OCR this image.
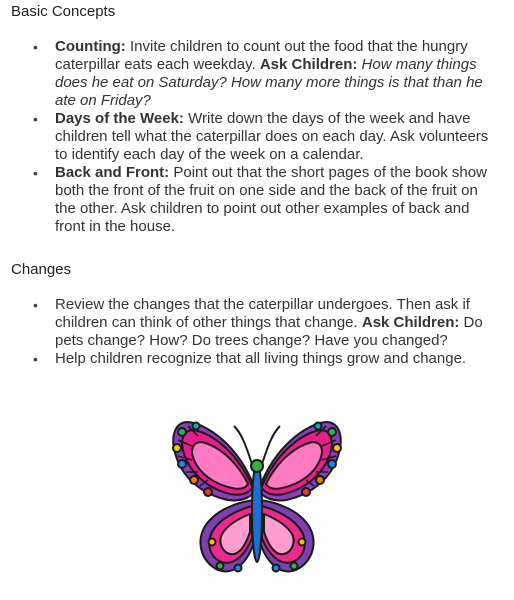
Basic Concepts
• Counting: Invite children to count out the food that the hungry caterpillar eats each weekday. Ask Children: How many things does he eat on Saturday? How many more things is that than he ate on Friday?
• Days of the Week: Write down the days of the week and have children tell what the caterpillar does on each day. Ask volunteers to identify each day of the week on a calendar.
• Back and Front: Point out that the short pages of the book show both the front of the fruit on one side and the back of the fruit on the other. Ask children to point out other examples of back and front in the house.
Changes
• Review the changes that the caterpillar undergoes. Then ask if children can think of other things that change. Ask Children: Do pets change? How? Do trees change? Have you changed?
• Help children recognize that all living things grow and change.
